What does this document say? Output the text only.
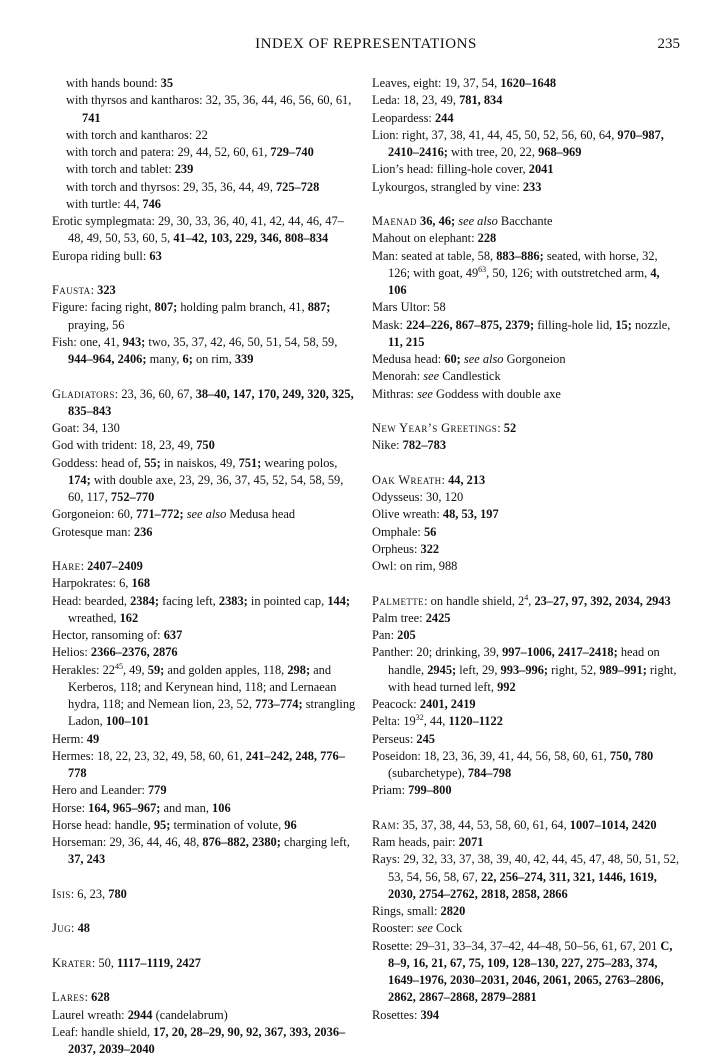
INDEX OF REPRESENTATIONS	235

with hands bound: 35

with thyrsos and kantharos: 32, 35, 36, 44, 46, 56, 60, 61, 741

with torch and kantharos: 22

with torch and patera: 29, 44, 52, 60, 61, 729–740

with torch and tablet: 239

with torch and thyrsos: 29, 35, 36, 44, 49, 725–728

with turtle: 44, 746

Erotic symplegmata: 29, 30, 33, 36, 40, 41, 42, 44, 46, 47–48, 49, 50, 53, 60, 5, 41–42, 103, 229, 346, 808–834

Europa riding bull: 63

Fausta: 323

Figure: facing right, 807; holding palm branch, 41, 887; praying, 56

Fish: one, 41, 943; two, 35, 37, 42, 46, 50, 51, 54, 58, 59, 944–964, 2406; many, 6; on rim, 339

Gladiators: 23, 36, 60, 67, 38–40, 147, 170, 249, 320, 325, 835–843

Goat: 34, 130

God with trident: 18, 23, 49, 750

Goddess: head of, 55; in naiskos, 49, 751; wearing polos, 174; with double axe, 23, 29, 36, 37, 45, 52, 54, 58, 59, 60, 117, 752–770

Gorgoneion: 60, 771–772; see also Medusa head

Grotesque man: 236

Hare: 2407–2409

Harpokrates: 6, 168

Head: bearded, 2384; facing left, 2383; in pointed cap, 144; wreathed, 162

Hector, ransoming of: 637

Helios: 2366–2376, 2876

Herakles: $22^{45}$, 49, 59; and golden apples, 118, 298; and Kerberos, 118; and Kerynean hind, 118; and Lernaean hydra, 118; and Nemean lion, 23, 52, 773–774; strangling Ladon, 100–101

Herm: 49

Hermes: 18, 22, 23, 32, 49, 58, 60, 61, 241–242, 248, 776–778

Hero and Leander: 779

Horse: 164, 965–967; and man, 106

Horse head: handle, 95; termination of volute, 96

Horseman: 29, 36, 44, 46, 48, 876–882, 2380; charging left, 37, 243

Isis: 6, 23, 780

Jug: 48

Krater: 50, 1117–1119, 2427

Lares: 628

Laurel wreath: 2944 (candelabrum)

Leaf: handle shield, 17, 20, 28–29, 90, 92, 367, 393, 2036–2037, 2039–2040

Leaves, eight: 19, 37, 54, 1620–1648

Leda: 18, 23, 49, 781, 834

Leopardess: 244

Lion: right, 37, 38, 41, 44, 45, 50, 52, 56, 60, 64, 970–987, 2410–2416; with tree, 20, 22, 968–969

Lion’s head: filling-hole cover, 2041

Lykourgos, strangled by vine: 233

Maenad 36, 46; see also Bacchante

Mahout on elephant: 228

Man: seated at table, 58, 883–886; seated, with horse, 32, 126; with goat, $49^{63}$, 50, 126; with outstretched arm, 4, 106

Mars Ultor: 58

Mask: 224–226, 867–875, 2379; filling-hole lid, 15; nozzle, 11, 215

Medusa head: 60; see also Gorgoneion

Menorah: see Candlestick

Mithras: see Goddess with double axe

New Year’s Greetings: 52

Nike: 782–783

Oak Wreath: 44, 213

Odysseus: 30, 120

Olive wreath: 48, 53, 197

Omphale: 56

Orpheus: 322

Owl: on rim, 988

Palmette: on handle shield, $2^4$, 23–27, 97, 392, 2034, 2943

Palm tree: 2425

Pan: 205

Panther: 20; drinking, 39, 997–1006, 2417–2418; head on handle, 2945; left, 29, 993–996; right, 52, 989–991; right, with head turned left, 992

Peacock: 2401, 2419

Pelta: $19^{32}$, 44, 1120–1122

Perseus: 245

Poseidon: 18, 23, 36, 39, 41, 44, 56, 58, 60, 61, 750, 780 (subarchetype), 784–798

Priam: 799–800

Ram: 35, 37, 38, 44, 53, 58, 60, 61, 64, 1007–1014, 2420

Ram heads, pair: 2071

Rays: 29, 32, 33, 37, 38, 39, 40, 42, 44, 45, 47, 48, 50, 51, 52, 53, 54, 56, 58, 67, 22, 256–274, 311, 321, 1446, 1619, 2030, 2754–2762, 2818, 2858, 2866

Rings, small: 2820

Rooster: see Cock

Rosette: 29–31, 33–34, 37–42, 44–48, 50–56, 61, 67, 201 C, 8–9, 16, 21, 67, 75, 109, 128–130, 227, 275–283, 374, 1649–1976, 2030–2031, 2046, 2061, 2065, 2763–2806, 2862, 2867–2868, 2879–2881

Rosettes: 394
